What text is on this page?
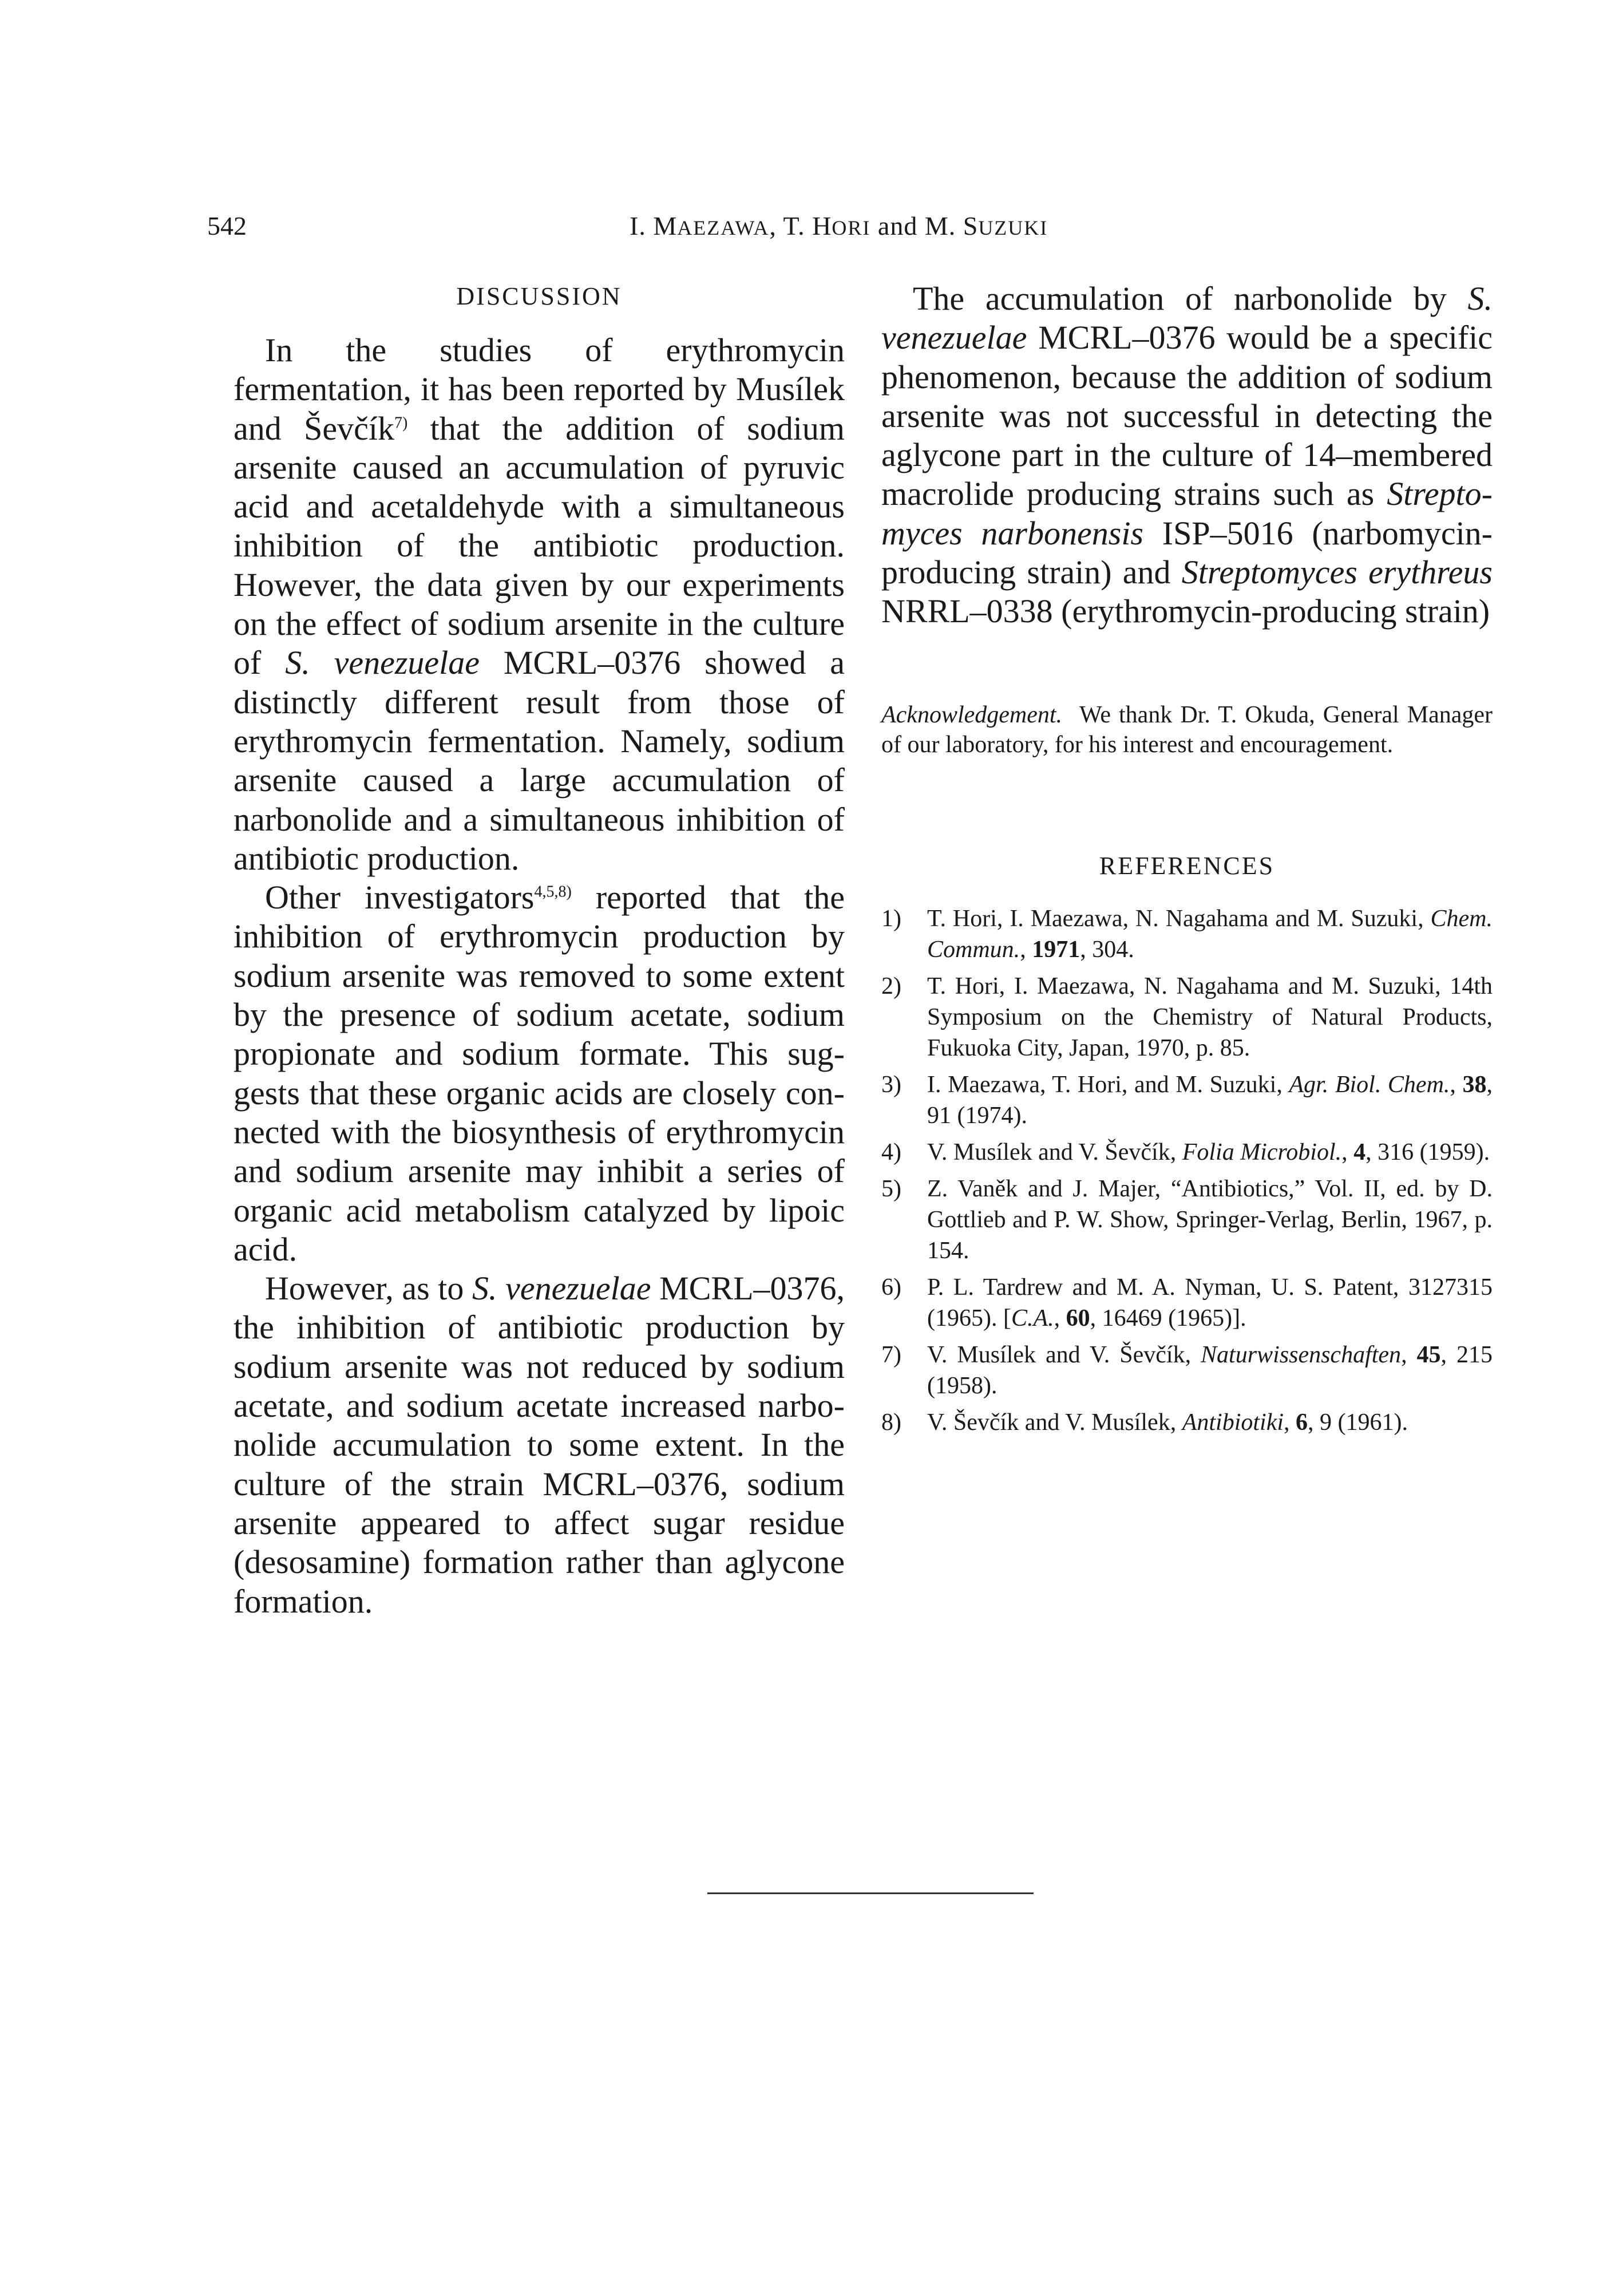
542	I. MAEZAWA, T. HORI and M. SUZUKI
DISCUSSION

In the studies of erythromycin fermentation, it has been reported by Musílek and Ševčík$^{7)}$ that the addition of sodium arsenite caused an accumulation of pyruvic acid and acetaldehyde with a simultaneous inhibition of the antibiotic production. However, the data given by our experiments on the effect of sodium arsenite in the culture of S. venezuelae MCRL–0376 showed a distinctly different result from those of erythromycin fermentation. Namely, sodium arsenite caused a large accumulation of narbonolide and a simultaneous inhibition of antibiotic production.

Other investigators$^{4,5,8)}$ reported that the inhibition of erythromycin production by sodium arsenite was removed to some extent by the presence of sodium acetate, sodium propionate and sodium formate. This suggests that these organic acids are closely connected with the biosynthesis of erythromycin and sodium arsenite may inhibit a series of organic acid metabolism catalyzed by lipoic acid.

However, as to S. venezuelae MCRL–0376, the inhibition of antibiotic production by sodium arsenite was not reduced by sodium acetate, and sodium acetate increased narbonolide accumulation to some extent. In the culture of the strain MCRL–0376, sodium arsenite appeared to affect sugar residue (desosamine) formation rather than aglycone formation.

The accumulation of narbonolide by S. venezuelae MCRL–0376 would be a specific phenomenon, because the addition of sodium arsenite was not successful in detecting the aglycone part in the culture of 14–membered macrolide producing strains such as Streptomyces narbonensis ISP–5016 (narbomycin-producing strain) and Streptomyces erythreus NRRL–0338 (erythromycin-producing strain)

Acknowledgement. We thank Dr. T. Okuda, General Manager of our laboratory, for his interest and encouragement.

REFERENCES
1) T. Hori, I. Maezawa, N. Nagahama and M. Suzuki, Chem. Commun., 1971, 304.
2) T. Hori, I. Maezawa, N. Nagahama and M. Suzuki, 14th Symposium on the Chemistry of Natural Products, Fukuoka City, Japan, 1970, p. 85.
3) I. Maezawa, T. Hori, and M. Suzuki, Agr. Biol. Chem., 38, 91 (1974).
4) V. Musílek and V. Ševčík, Folia Microbiol., 4, 316 (1959).
5) Z. Vaněk and J. Majer, “Antibiotics,” Vol. II, ed. by D. Gottlieb and P. W. Show, Springer-Verlag, Berlin, 1967, p. 154.
6) P. L. Tardrew and M. A. Nyman, U. S. Patent, 3127315 (1965). [C.A., 60, 16469 (1965)].
7) V. Musílek and V. Ševčík, Naturwissenschaften, 45, 215 (1958).
8) V. Ševčík and V. Musílek, Antibiotiki, 6, 9 (1961).
